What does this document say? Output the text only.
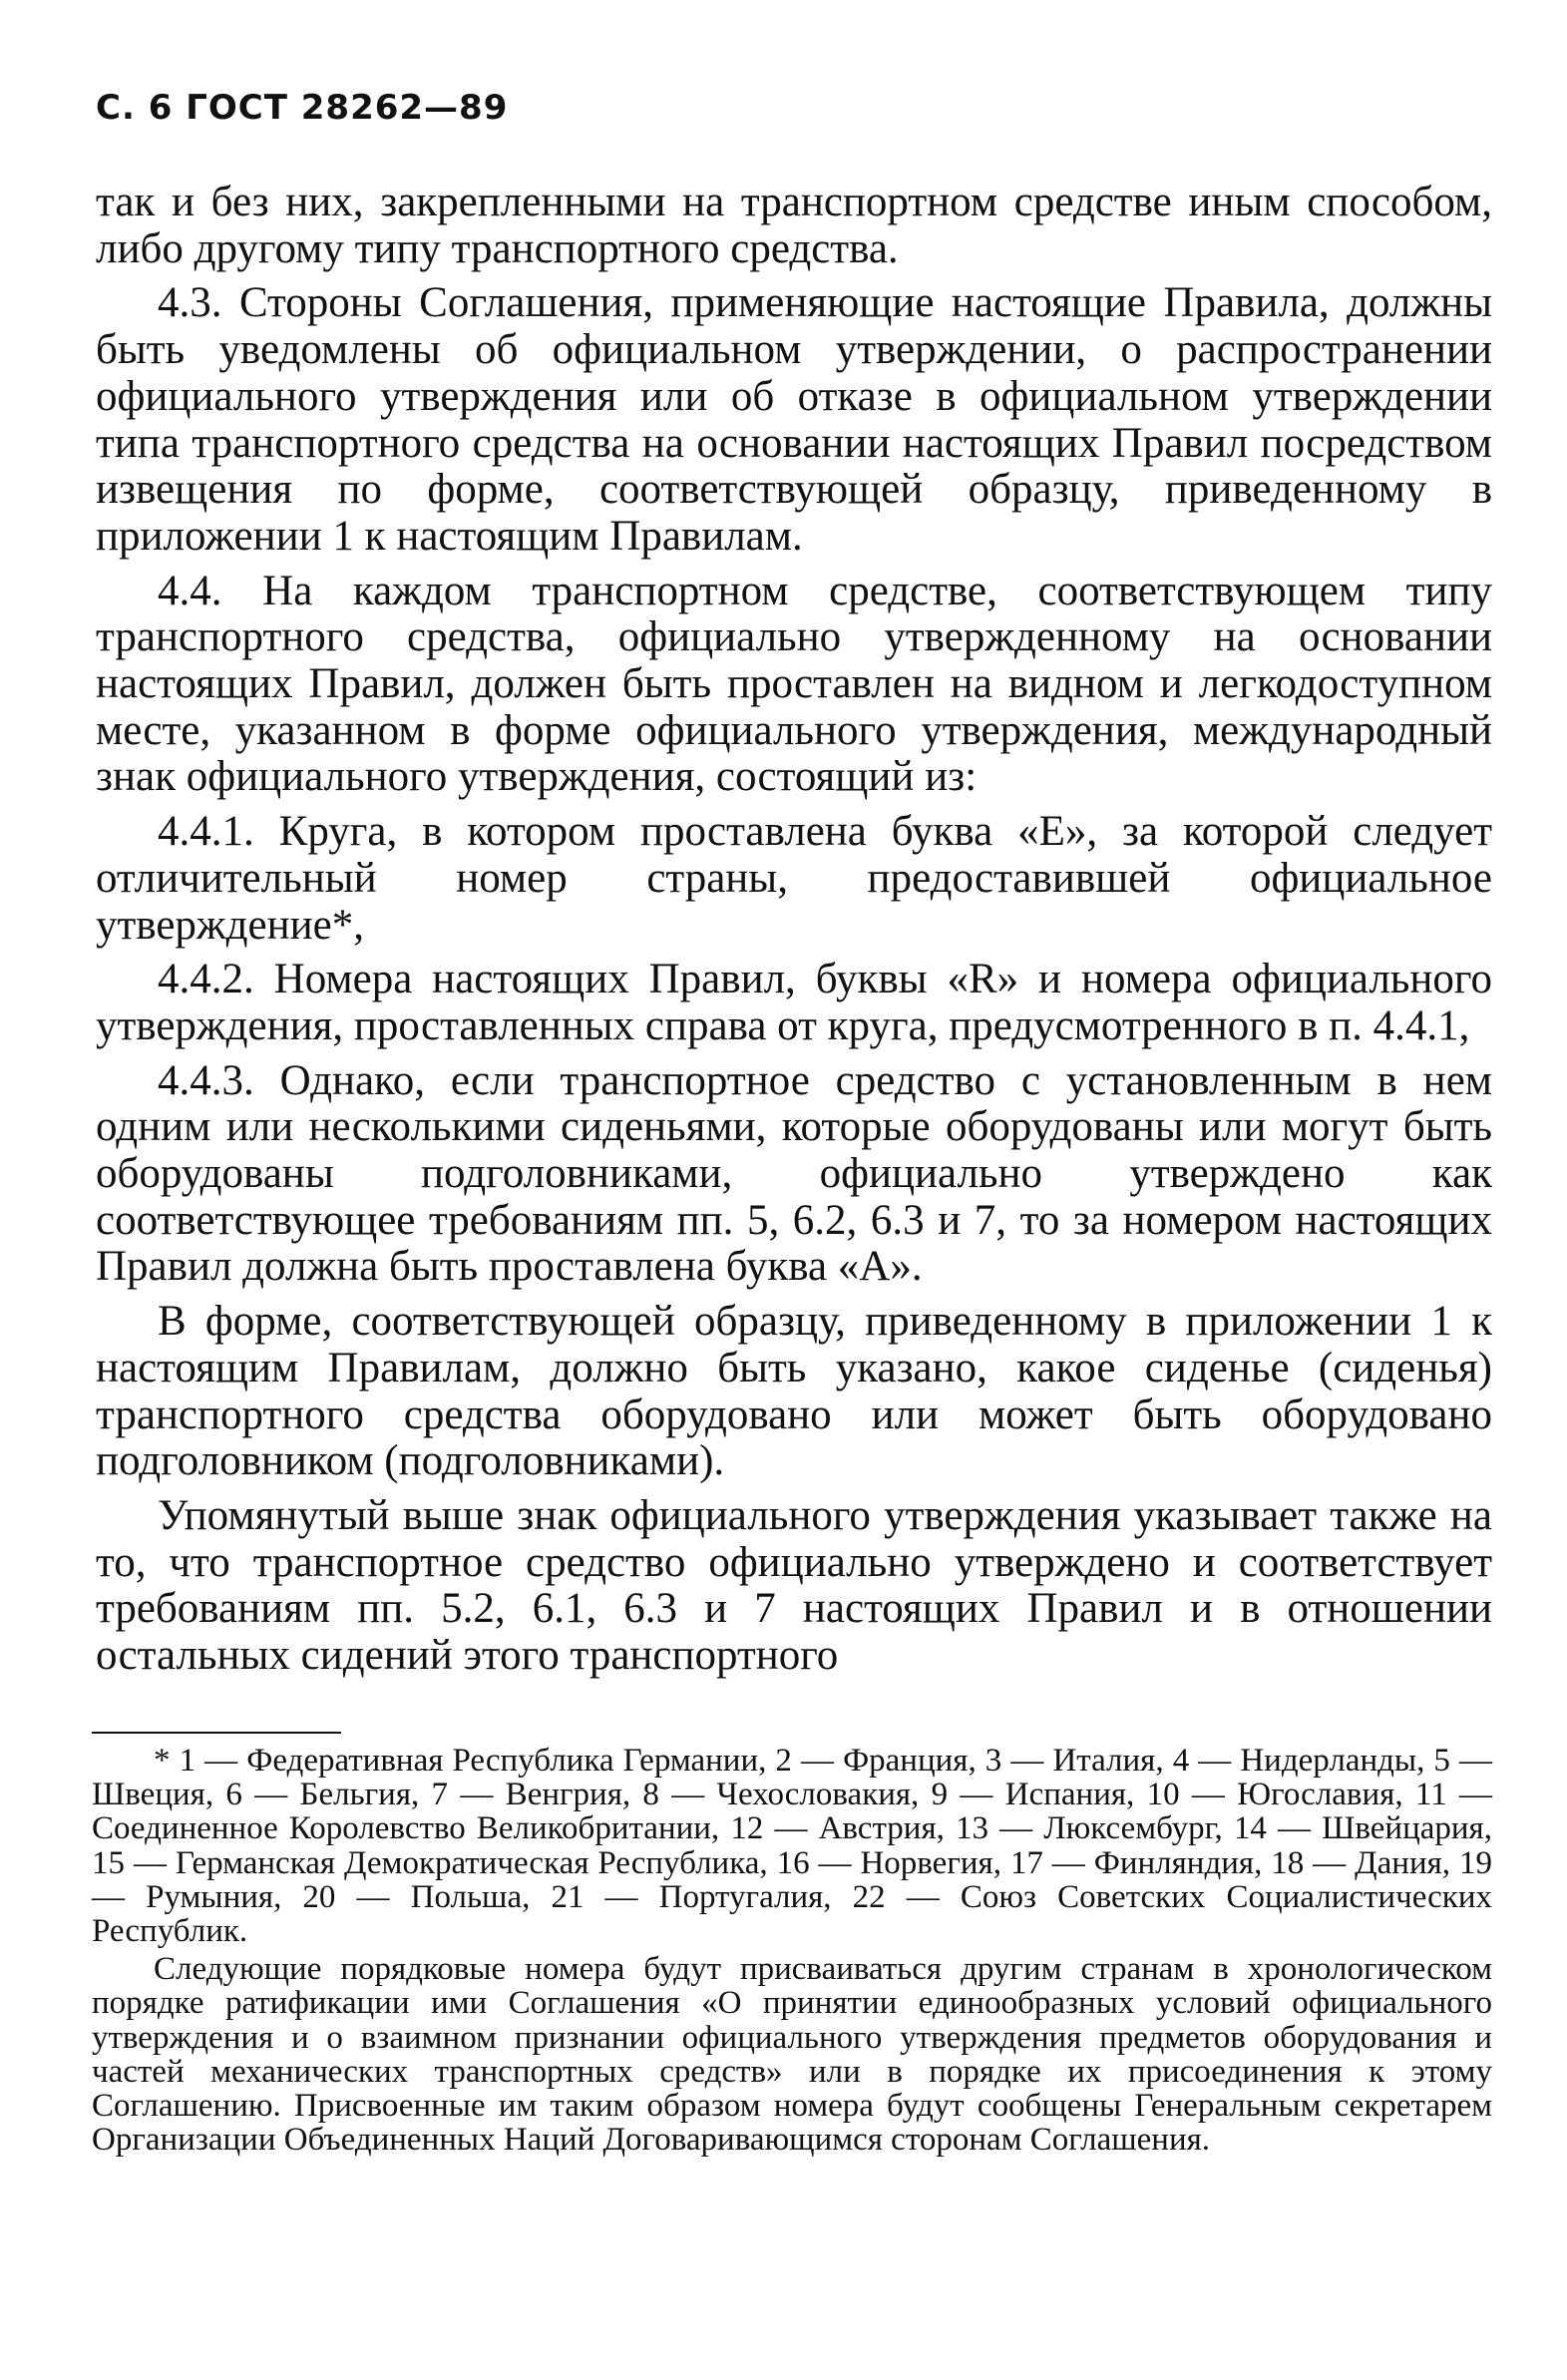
С. 6 ГОСТ 28262—89

так и без них, закрепленными на транспортном средстве иным способом, либо другому типу транспортного средства.

4.3. Стороны Соглашения, применяющие настоящие Правила, должны быть уведомлены об официальном утверждении, о распространении официального утверждения или об отказе в официальном утверждении типа транспортного средства на основании настоящих Правил посредством извещения по форме, соответствующей образцу, приведенному в приложении 1 к настоящим Правилам.

4.4. На каждом транспортном средстве, соответствующем типу транспортного средства, официально утвержденному на основании настоящих Правил, должен быть проставлен на видном и легкодоступном месте, указанном в форме официального утверждения, международный знак официального утверждения, состоящий из:

4.4.1. Круга, в котором проставлена буква «E», за которой следует отличительный номер страны, предоставившей официальное утверждение*,

4.4.2. Номера настоящих Правил, буквы «R» и номера официального утверждения, проставленных справа от круга, предусмотренного в п. 4.4.1,

4.4.3. Однако, если транспортное средство с установленным в нем одним или несколькими сиденьями, которые оборудованы или могут быть оборудованы подголовниками, официально утверждено как соответствующее требованиям пп. 5, 6.2, 6.3 и 7, то за номером настоящих Правил должна быть проставлена буква «A».

В форме, соответствующей образцу, приведенному в приложении 1 к настоящим Правилам, должно быть указано, какое сиденье (сиденья) транспортного средства оборудовано или может быть оборудовано подголовником (подголовниками).

Упомянутый выше знак официального утверждения указывает также на то, что транспортное средство официально утверждено и соответствует требованиям пп. 5.2, 6.1, 6.3 и 7 настоящих Правил и в отношении остальных сидений этого транспортного

* 1 — Федеративная Республика Германии, 2 — Франция, 3 — Италия, 4 — Нидерланды, 5 — Швеция, 6 — Бельгия, 7 — Венгрия, 8 — Чехословакия, 9 — Испания, 10 — Югославия, 11 — Соединенное Королевство Великобритании, 12 — Австрия, 13 — Люксембург, 14 — Швейцария, 15 — Германская Демократическая Республика, 16 — Норвегия, 17 — Финляндия, 18 — Дания, 19 — Румыния, 20 — Польша, 21 — Португалия, 22 — Союз Советских Социалистических Республик.

Следующие порядковые номера будут присваиваться другим странам в хронологическом порядке ратификации ими Соглашения «О принятии единообразных условий официального утверждения и о взаимном признании официального утверждения предметов оборудования и частей механических транспортных средств» или в порядке их присоединения к этому Соглашению. Присвоенные им таким образом номера будут сообщены Генеральным секретарем Организации Объединенных Наций Договаривающимся сторонам Соглашения.
